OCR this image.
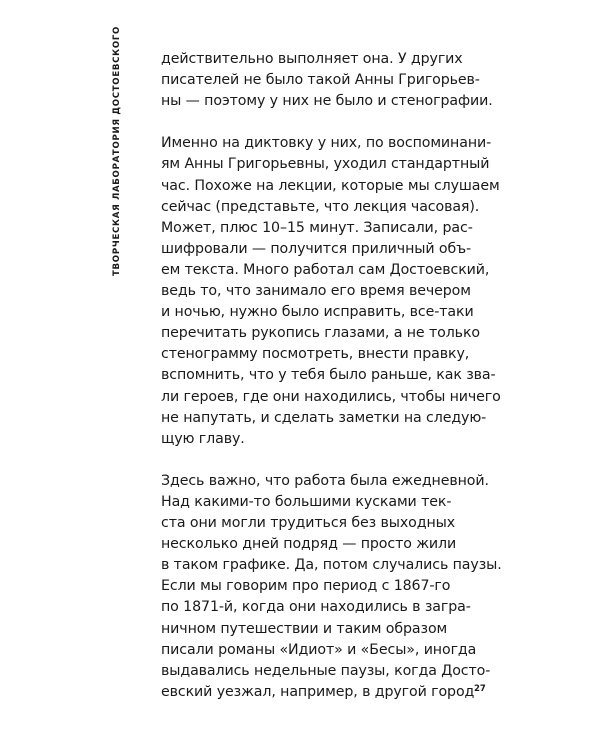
ТВОРЧЕСКАЯ ЛАБОРАТОРИЯ ДОСТОЕВСКОГО	действительно выполняет она. У других
писателей не было такой Анны Григорьев-
ны — поэтому у них не было и стенографии.

Именно на диктовку у них, по воспоминани-
ям Анны Григорьевны, уходил стандартный
час. Похоже на лекции, которые мы слушаем
сейчас (представьте, что лекция часовая).
Может, плюс 10–15 минут. Записали, рас-
шифровали — получится приличный объ-
ем текста. Много работал сам Достоевский,
ведь то, что занимало его время вечером
и ночью, нужно было исправить, все-таки
перечитать рукопись глазами, а не только
стенограмму посмотреть, внести правку,
вспомнить, что у тебя было раньше, как зва-
ли героев, где они находились, чтобы ничего
не напутать, и сделать заметки на следую-
щую главу.

Здесь важно, что работа была ежедневной.
Над какими-то большими кусками тек-
ста они могли трудиться без выходных
несколько дней подряд — просто жили
в таком графике. Да, потом случались паузы.
Если мы говорим про период с 1867-го
по 1871-й, когда они находились в загра-
ничном путешествии и таким образом
писали романы «Идиот» и «Бесы», иногда
выдавались недельные паузы, когда Досто-
евский уезжал, например, в другой город 27
